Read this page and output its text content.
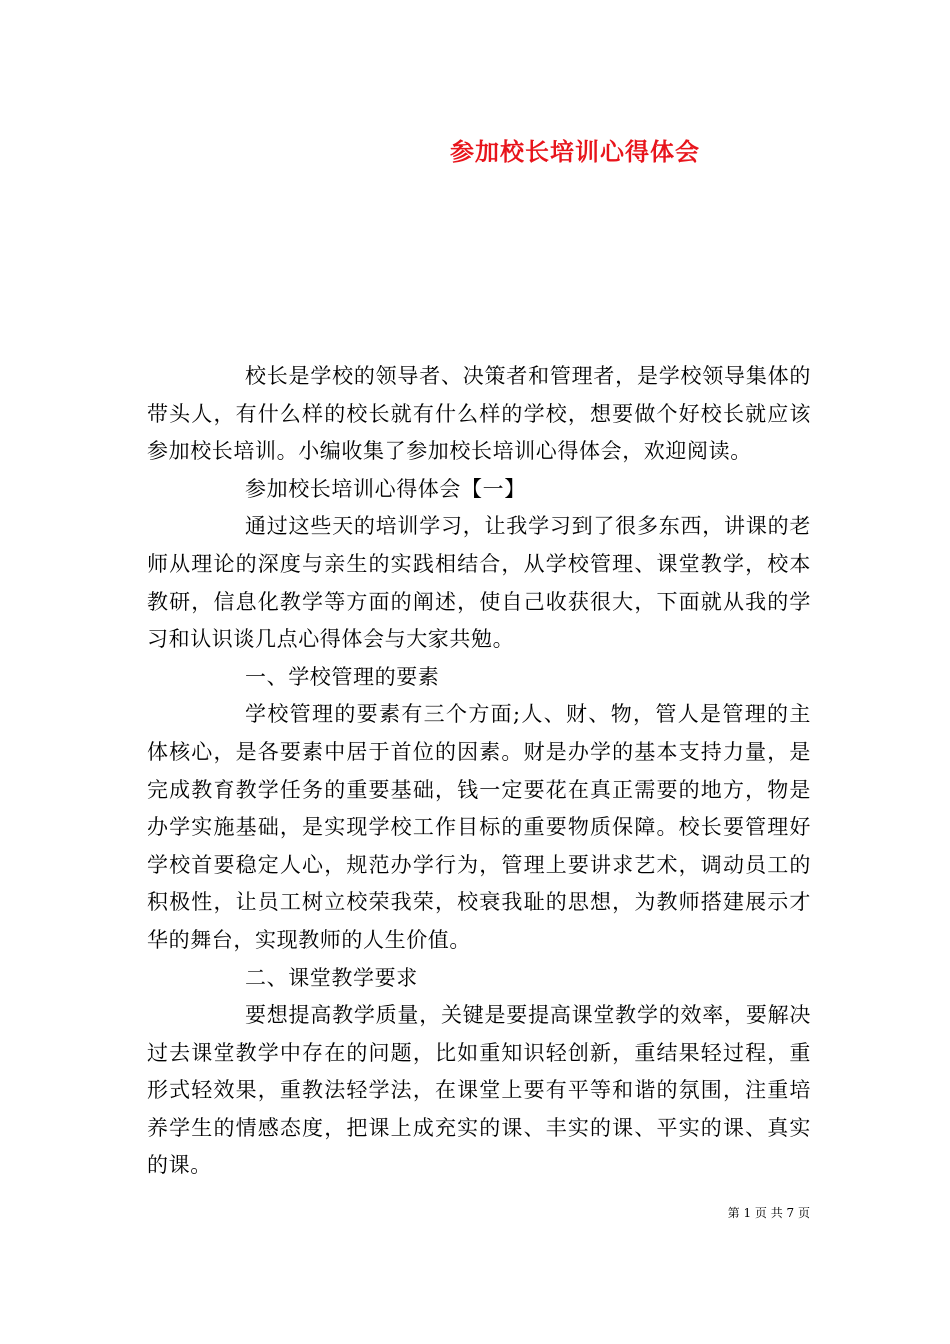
参加校长培训心得体会

校长是学校的领导者、决策者和管理者，是学校领导集体的带头人，有什么样的校长就有什么样的学校，想要做个好校长就应该参加校长培训。小编收集了参加校长培训心得体会，欢迎阅读。

参加校长培训心得体会【一】

通过这些天的培训学习，让我学习到了很多东西，讲课的老师从理论的深度与亲生的实践相结合，从学校管理、课堂教学，校本教研，信息化教学等方面的阐述，使自己收获很大，下面就从我的学习和认识谈几点心得体会与大家共勉。

一、学校管理的要素

学校管理的要素有三个方面;人、财、物，管人是管理的主体核心，是各要素中居于首位的因素。财是办学的基本支持力量，是完成教育教学任务的重要基础，钱一定要花在真正需要的地方，物是办学实施基础，是实现学校工作目标的重要物质保障。校长要管理好学校首要稳定人心，规范办学行为，管理上要讲求艺术，调动员工的积极性，让员工树立校荣我荣，校衰我耻的思想，为教师搭建展示才华的舞台，实现教师的人生价值。

二、课堂教学要求

要想提高教学质量，关键是要提高课堂教学的效率，要解决过去课堂教学中存在的问题，比如重知识轻创新，重结果轻过程，重形式轻效果，重教法轻学法，在课堂上要有平等和谐的氛围，注重培养学生的情感态度，把课上成充实的课、丰实的课、平实的课、真实的课。

第 1 页 共 7 页
